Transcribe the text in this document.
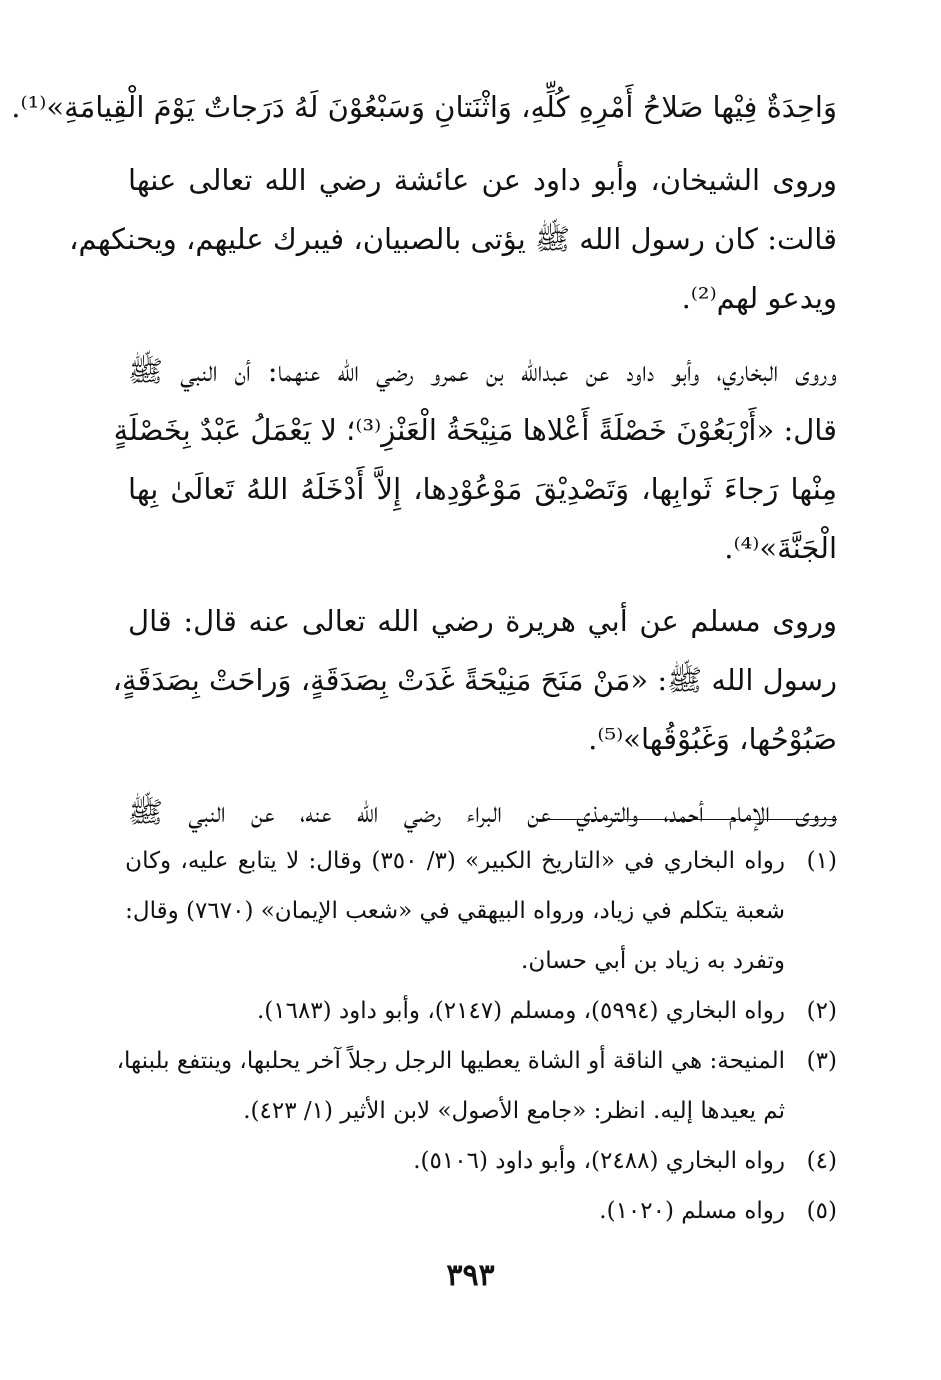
وَاحِدَةٌ فِيْها صَلاحُ أَمْرِهِ كُلِّهِ، وَاثْنَتانِ وَسَبْعُوْنَ لَهُ دَرَجاتٌ يَوْمَ الْقِيامَةِ»⁽¹⁾.
وروى الشيخان، وأبو داود عن عائشة رضي الله تعالى عنها
قالت: كان رسول الله ﷺ يؤتى بالصبيان، فيبرك عليهم، ويحنكهم،
ويدعو لهم⁽²⁾.
وروى البخاري، وأبو داود عن عبدالله بن عمرو رضي الله عنهما: أن النبي ﷺ
قال: «أَرْبَعُوْنَ خَصْلَةً أَعْلاها مَنِيْحَةُ الْعَنْزِ⁽³⁾؛ لا يَعْمَلُ عَبْدٌ بِخَصْلَةٍ
مِنْها رَجاءَ ثَوابِها، وَتَصْدِيْقَ مَوْعُوْدِها، إِلاَّ أَدْخَلَهُ اللهُ تَعالَىٰ بِها
الْجَنَّةَ»⁽⁴⁾.
وروى مسلم عن أبي هريرة رضي الله تعالى عنه قال: قال
رسول الله ﷺ: «مَنْ مَنَحَ مَنِيْحَةً غَدَتْ بِصَدَقَةٍ، وَراحَتْ بِصَدَقَةٍ،
صَبُوْحُها، وَغَبُوْقُها»⁽⁵⁾.
وروى الإمام أحمد، والترمذي عن البراء رضي الله عنه، عن النبي ﷺ
(١)
رواه البخاري في «التاريخ الكبير» (٣/ ٣٥٠) وقال: لا يتابع عليه، وكان
شعبة يتكلم في زياد، ورواه البيهقي في «شعب الإيمان» (٧٦٧٠) وقال:
وتفرد به زياد بن أبي حسان.
(٢)
رواه البخاري (٥٩٩٤)، ومسلم (٢١٤٧)، وأبو داود (١٦٨٣).
(٣)
المنيحة: هي الناقة أو الشاة يعطيها الرجل رجلاً آخر يحلبها، وينتفع بلبنها،
ثم يعيدها إليه. انظر: «جامع الأصول» لابن الأثير (١/ ٤٢٣).
(٤)
رواه البخاري (٢٤٨٨)، وأبو داود (٥١٠٦).
(٥)
رواه مسلم (١٠٢٠).
٣٩٣
